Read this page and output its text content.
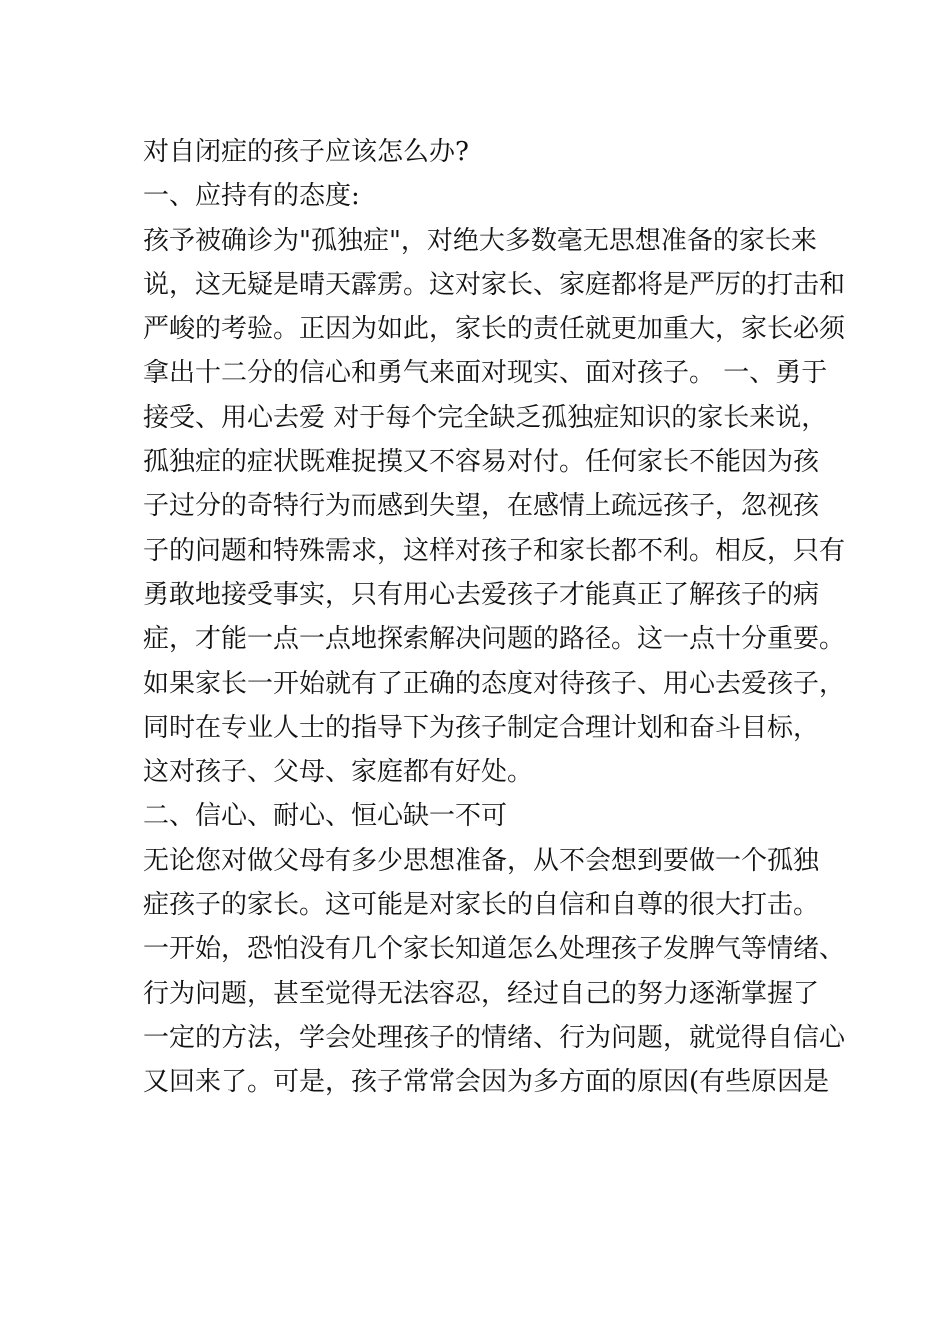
对自闭症的孩子应该怎么办?
一、应持有的态度:
孩予被确诊为"孤独症"，对绝大多数毫无思想准备的家长来
说，这无疑是晴天霹雳。这对家长、家庭都将是严厉的打击和
严峻的考验。正因为如此，家长的责任就更加重大，家长必须
拿出十二分的信心和勇气来面对现实、面对孩子。 一、勇于
接受、用心去爱 对于每个完全缺乏孤独症知识的家长来说，
孤独症的症状既难捉摸又不容易对付。任何家长不能因为孩
子过分的奇特行为而感到失望，在感情上疏远孩子，忽视孩
子的问题和特殊需求，这样对孩子和家长都不利。相反，只有
勇敢地接受事实，只有用心去爱孩子才能真正了解孩子的病
症，才能一点一点地探索解决问题的路径。这一点十分重要。
如果家长一开始就有了正确的态度对待孩子、用心去爱孩子，
同时在专业人士的指导下为孩子制定合理计划和奋斗目标，
这对孩子、父母、家庭都有好处。
二、信心、耐心、恒心缺一不可
无论您对做父母有多少思想准备，从不会想到要做一个孤独
症孩子的家长。这可能是对家长的自信和自尊的很大打击。
一开始，恐怕没有几个家长知道怎么处理孩子发脾气等情绪、
行为问题，甚至觉得无法容忍，经过自己的努力逐渐掌握了
一定的方法，学会处理孩子的情绪、行为问题，就觉得自信心
又回来了。可是，孩子常常会因为多方面的原因(有些原因是
